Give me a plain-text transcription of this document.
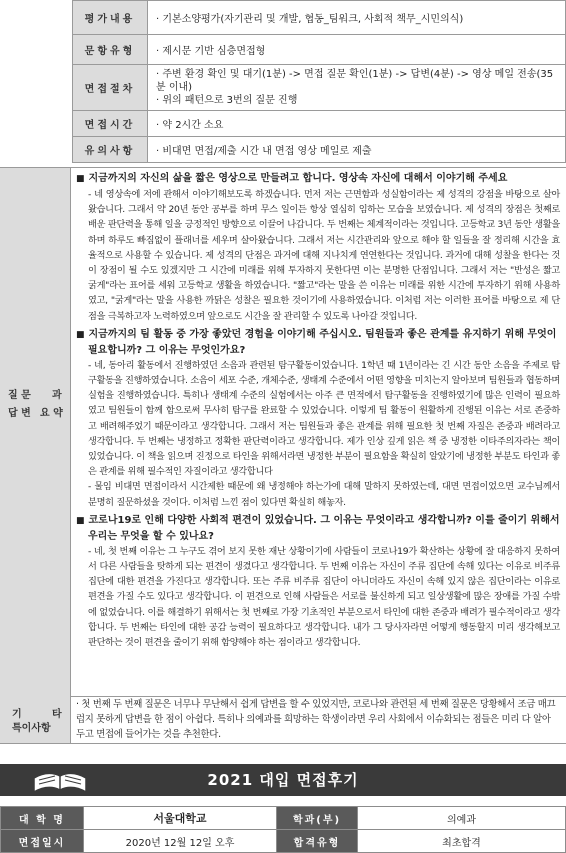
	평가내용	· 기본소양평가(자기관리 및 개발, 협동_팀워크, 사회적 책무_시민의식)
	문항유형	· 제시문 기반 심층면접형
	면접절차	· 주변 환경 확인 및 대기(1분) -> 면접 질문 확인(1분) -> 답변(4분) -> 영상 메일 전송(35분 이내)
· 위의 패턴으로 3번의 질문 진행

	면접시간	· 약 2시간 소요
	유의사항	· 비대면 면접/제출 시간 내 면접 영상 메일로 제출
질 문 과
답 변 요 약

■ 지금까지의 자신의 삶을 짧은 영상으로 만들려고 합니다. 영상속 자신에 대해서 이야기해 주세요

- 네 영상속에 저에 관해서 이야기해보도록 하겠습니다. 먼저 저는 근면함과 성실함이라는 제 성격의 강점을 바탕으로 살아왔습니다. 그래서 약 20년 동안 공부를 하며 무스 일이든 항상 열심히 임하는 모습을 보였습니다. 제 성격의 장점은 첫째로 배운 판단력을 통해 일을 긍정적인 방향으로 이끌어 나갑니다. 두 번째는 체계적이라는 것입니다. 고등학교 3년 동안 생활을 하며 하루도 빠짐없이 플래너를 세우며 살아왔습니다. 그래서 저는 시간관리와 앞으로 해야 할 일들을 잘 정리해 시간을 효율적으로 사용할 수 있습니다. 제 성격의 단점은 과거에 대해 지나치게 연연한다는 것입니다. 과거에 대해 성찰을 한다는 것이 장점이 될 수도 있겠지만 그 시간에 미래를 위해 투자하지 못한다면 이는 분명한 단점입니다. 그래서 저는 "반성은 짧고 굵게"라는 표어를 세워 고등학교 생활을 하였습니다. "짧고"라는 말을 쓴 이유는 미래를 위한 시간에 투자하기 위해 사용하였고, "굵게"라는 말을 사용한 까닭은 성찰은 필요한 것이기에 사용하였습니다. 이처럼 저는 이러한 표어를 바탕으로 제 단점을 극복하고자 노력하였으며 앞으로도 시간을 잘 관리할 수 있도록 나아갈 것입니다.

■ 지금까지의 팀 활동 중 가장 좋았던 경험을 이야기해 주십시오. 팀원들과 좋은 관계를 유지하기 위해 무엇이 필요합니까? 그 이유는 무엇인가요?

- 네, 동아리 활동에서 진행하였던 소음과 관련된 탐구활동이었습니다. 1학년 때 1년이라는 긴 시간 동안 소음을 주제로 탐구활동을 진행하였습니다. 소음이 세포 수준, 개체수준, 생태계 수준에서 어떤 영향을 미치는지 알아보며 팀원들과 협동하며 실험을 진행하였습니다. 특히나 생태계 수준의 실험에서는 아주 큰 면적에서 탐구활동을 진행하였기에 많은 인력이 필요하였고 팀원들이 함께 함으로써 무사히 탐구를 완료할 수 있었습니다. 이렇게 팀 활동이 원활하게 진행된 이유는 서로 존중하고 배려해주었기 때문이라고 생각합니다. 그래서 저는 팀원들과 좋은 관계를 위해 필요한 첫 번째 자질은 존중과 배려라고 생각합니다. 두 번째는 냉정하고 정확한 판단력이라고 생각합니다. 제가 인상 깊게 읽은 책 중 냉정한 이타주의자라는 책이 있었습니다. 이 책을 읽으며 진정으로 타인을 위해서라면 냉정한 부분이 필요함을 확실히 알았기에 냉정한 부분도 타인과 좋은 관계를 위해 필수적인 자질이라고 생각합니다

- 물임 비대면 면접이라서 시간제한 때문에 왜 냉정해야 하는가에 대해 말하지 못하였는데, 대면 면접이었으면 교수님께서 분명히 질문하셨을 것이다. 이처럼 느낀 점이 있다면 확실히 해놓자.

■ 코로나19로 인해 다양한 사회적 편견이 있었습니다. 그 이유는 무엇이라고 생각합니까? 이를 줄이기 위해서 우리는 무엇을 할 수 있나요?

- 네, 첫 번째 이유는 그 누구도 겪어 보지 못한 재난 상황이기에 사람들이 코로나19가 확산하는 상황에 잘 대응하지 못하여서 다른 사람들을 탓하게 되는 편견이 생겼다고 생각합니다. 두 번째 이유는 자신이 주류 집단에 속해 있다는 이유로 비주류 집단에 대한 편견을 가진다고 생각합니다. 또는 주류 비주류 집단이 아니더라도 자신이 속해 있지 않은 집단이라는 이유로 편견을 가질 수도 있다고 생각합니다. 이 편견으로 인해 사람들은 서로를 불신하게 되고 일상생활에 많은 장애를 가질 수밖에 없었습니다. 이를 해결하기 위해서는 첫 번째로 가장 기초적인 부분으로서 타인에 대한 존중과 배려가 필수적이라고 생각합니다. 두 번째는 타인에 대한 공감 능력이 필요하다고 생각합니다. 내가 그 당사자라면 어떻게 행동할지 미리 생각해보고 판단하는 것이 편견을 줄이기 위해 함양해야 하는 점이라고 생각합니다.

기	타
특이사항
· 첫 번째 두 번째 질문은 너무나 무난해서 쉽게 답변을 할 수 있었지만, 코로나와 관련된 세 번째 질문은 당황해서 조금 매끄럽지 못하게 답변을 한 점이 아쉽다. 특히나 의예과를 희망하는 학생이라면 우리 사회에서 이슈화되는 점들은 미리 다 알아두고 면접에 들어가는 것을 추천한다.
2021 대입 면접후기
대 학 명	서울대학교	학과(부)	의예과
면접일시	2020년 12월 12일 오후	합격유형	최초합격
